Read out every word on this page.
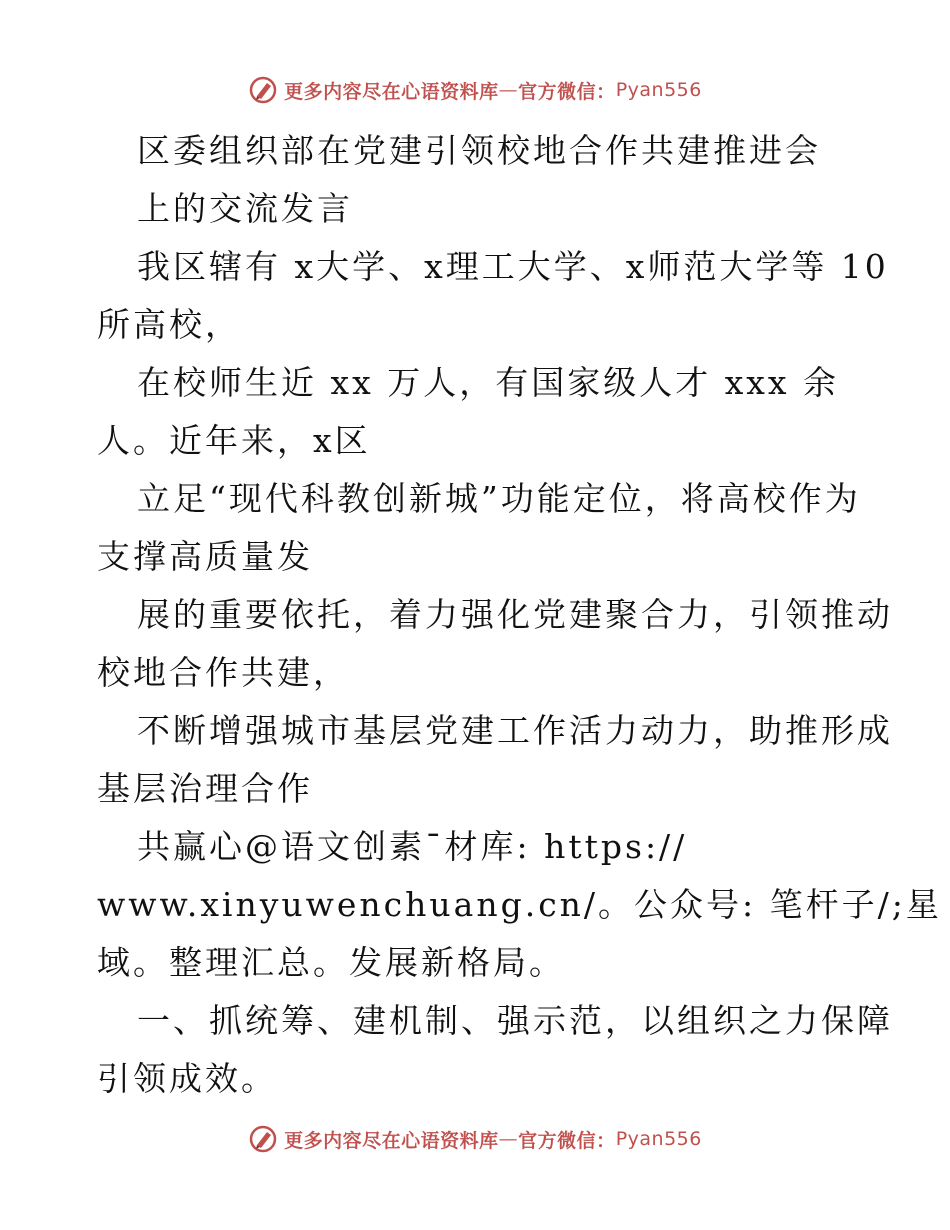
更多内容尽在心语资料库 — 官方微信： Pyan556
区委组织部在党建引领校地合作共建推进会
上的交流发言
我区辖有 x大学、x理工大学、x师范大学等 10
所高校，
在校师生近 xx 万人，有国家级人才 xxx 余
人。近年来，x区
立足“现代科教创新城”功能定位，将高校作为
支撑高质量发
展的重要依托，着力强化党建聚合力，引领推动
校地合作共建，
不断增强城市基层党建工作活力动力，助推形成
基层治理合作
共赢心@语文创素¯材库: https://
www.xinyuwenchuang.cn/。公众号: 笔杆子/;星
域。整理汇总。发展新格局。
一、抓统筹、建机制、强示范，以组织之力保障
引领成效。
更多内容尽在心语资料库 — 官方微信： Pyan556
